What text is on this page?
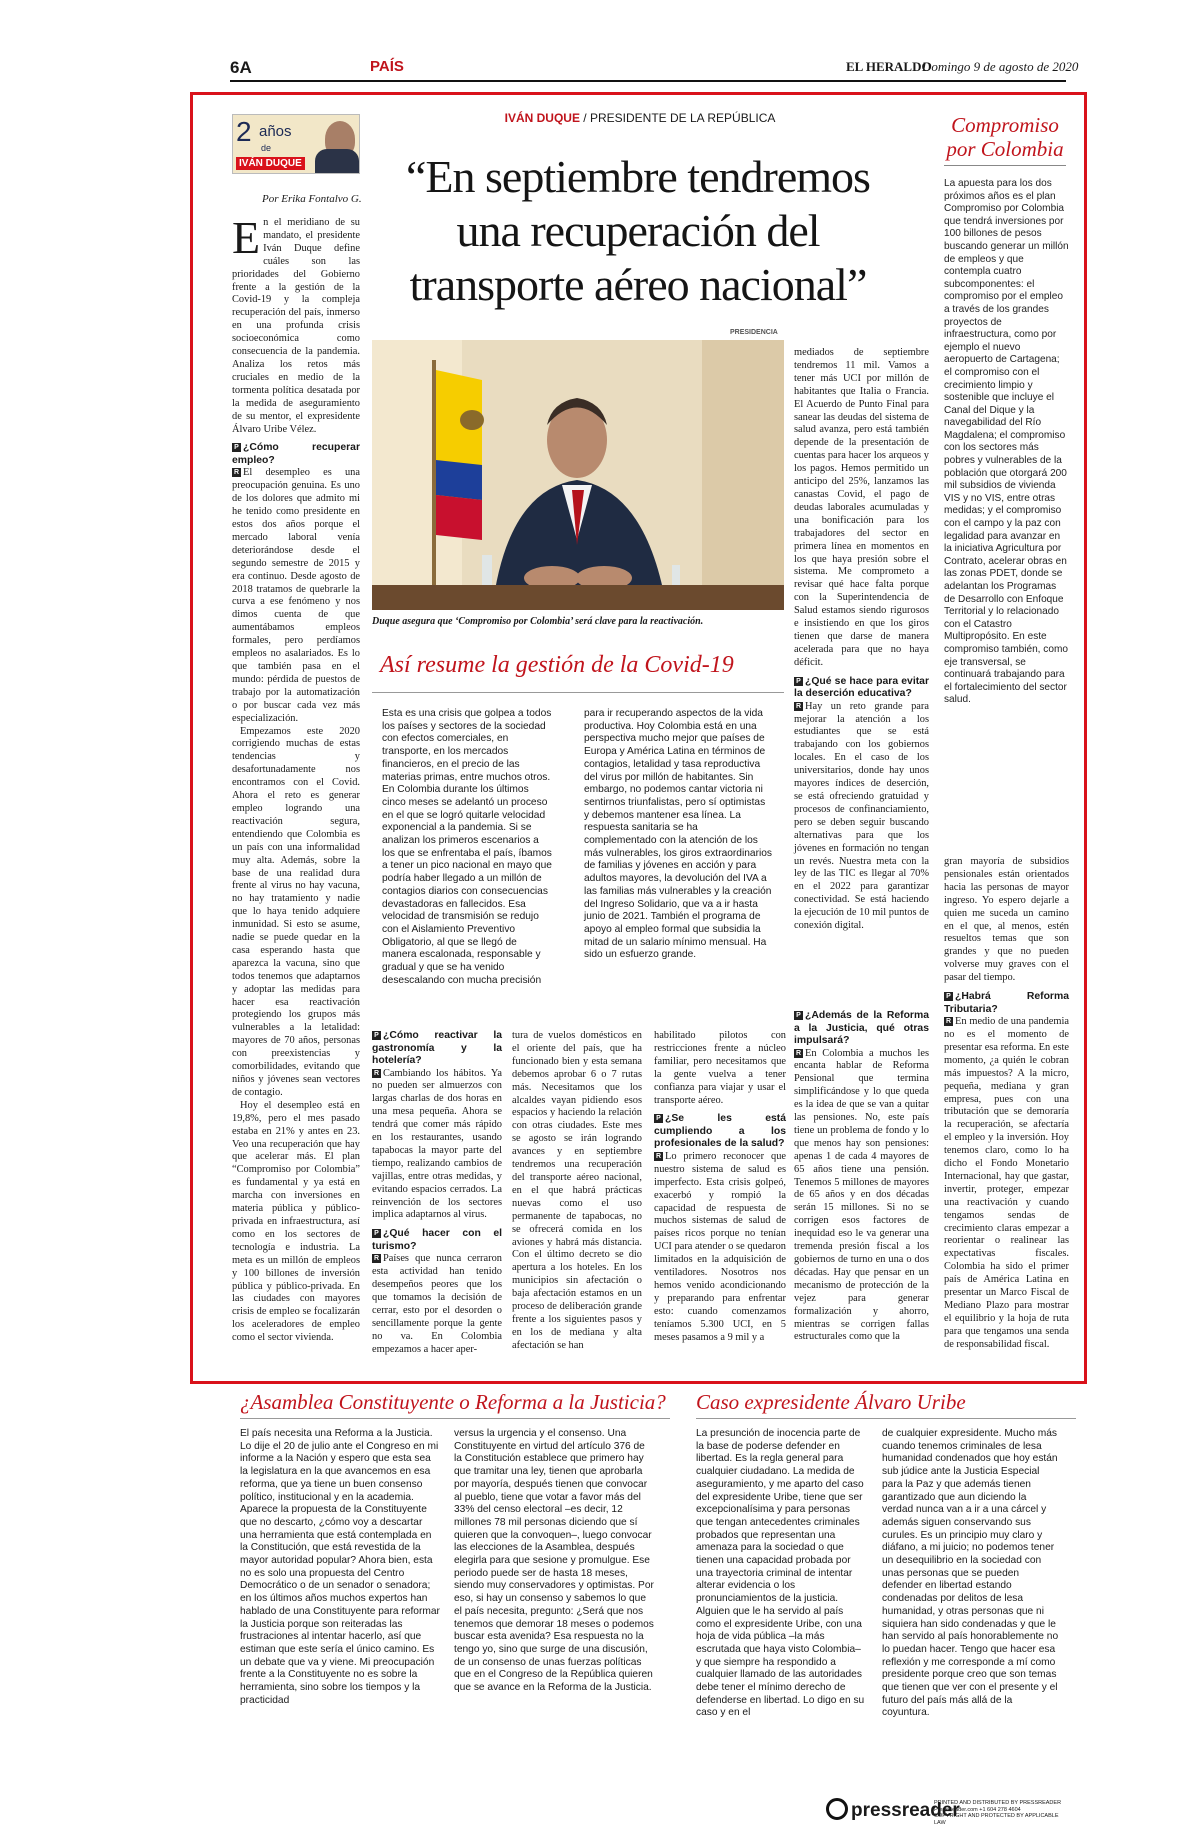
6A	PAÍS	EL HERALDO
Domingo 9 de agosto de 2020
2 años
de
IVÁN DUQUE
Por Erika Fontalvo G.
IVÁN DUQUE / PRESIDENTE DE LA REPÚBLICA
“En septiembre tendremos una recuperación del transporte aéreo nacional”
Compromiso por Colombia
La apuesta para los dos próximos años es el plan Compromiso por Colombia que tendrá inversiones por 100 billones de pesos buscando generar un millón de empleos y que contempla cuatro subcomponentes: el compromiso por el empleo a través de los grandes proyectos de infraestructura, como por ejemplo el nuevo aeropuerto de Cartagena; el compromiso con el crecimiento limpio y sostenible que incluye el Canal del Dique y la navegabilidad del Río Magdalena; el compromiso con los sectores más pobres y vulnerables de la población que otorgará 200 mil subsidios de vivienda VIS y no VIS, entre otras medidas; y el compromiso con el campo y la paz con legalidad para avanzar en la iniciativa Agricultura por Contrato, acelerar obras en las zonas PDET, donde se adelantan los Programas de Desarrollo con Enfoque Territorial y lo relacionado con el Catastro Multipropósito. En este compromiso también, como eje transversal, se continuará trabajando para el fortalecimiento del sector salud.
E n el meridiano de su mandato, el presidente Iván Duque define cuáles son las prioridades del Gobierno frente a la gestión de la Covid-19 y la compleja recuperación del país, inmerso en una profunda crisis socioeconómica como consecuencia de la pandemia. Analiza los retos más cruciales en medio de la tormenta política desatada por la medida de aseguramiento de su mentor, el expresidente Álvaro Uribe Vélez.
P ¿Cómo recuperar empleo?

R El desempleo es una preocupación genuina. Es uno de los dolores que admito mi he tenido como presidente en estos dos años porque el mercado laboral venía deteriorándose desde el segundo semestre de 2015 y era continuo. Desde agosto de 2018 tratamos de quebrarle la curva a ese fenómeno y nos dimos cuenta de que aumentábamos empleos formales, pero perdíamos empleos no asalariados. Es lo que también pasa en el mundo: pérdida de puestos de trabajo por la automatización o por buscar cada vez más especialización.

Empezamos este 2020 corrigiendo muchas de estas tendencias y desafortunadamente nos encontramos con el Covid. Ahora el reto es generar empleo logrando una reactivación segura, entendiendo que Colombia es un país con una informalidad muy alta. Además, sobre la base de una realidad dura frente al virus no hay vacuna, no hay tratamiento y nadie que lo haya tenido adquiere inmunidad. Si esto se asume, nadie se puede quedar en la casa esperando hasta que aparezca la vacuna, sino que todos tenemos que adaptarnos y adoptar las medidas para hacer esa reactivación protegiendo los grupos más vulnerables a la letalidad: mayores de 70 años, personas con preexistencias y comorbilidades, evitando que niños y jóvenes sean vectores de contagio.

Hoy el desempleo está en 19,8%, pero el mes pasado estaba en 21% y antes en 23. Veo una recuperación que hay que acelerar más. El plan “Compromiso por Colombia” es fundamental y ya está en marcha con inversiones en materia pública y público-privada en infraestructura, así como en los sectores de tecnología e industria. La meta es un millón de empleos y 100 billones de inversión pública y público-privada. En las ciudades con mayores crisis de empleo se focalizarán los aceleradores de empleo como el sector vivienda.

PRESIDENCIA
Duque asegura que ‘Compromiso por Colombia’ será clave para la reactivación.

mediados de septiembre tendremos 11 mil. Vamos a tener más UCI por millón de habitantes que Italia o Francia. El Acuerdo de Punto Final para sanear las deudas del sistema de salud avanza, pero está también depende de la presentación de cuentas para hacer los arqueos y los pagos. Hemos permitido un anticipo del 25%, lanzamos las canastas Covid, el pago de deudas laborales acumuladas y una bonificación para los trabajadores del sector en primera línea en momentos en los que haya presión sobre el sistema. Me comprometo a revisar qué hace falta porque con la Superintendencia de Salud estamos siendo rigurosos e insistiendo en que los giros tienen que darse de manera acelerada para que no haya déficit.

P ¿Qué se hace para evitar la deserción educativa?

R Hay un reto grande para mejorar la atención a los estudiantes que se está trabajando con los gobiernos locales. En el caso de los universitarios, donde hay unos mayores índices de deserción, se está ofreciendo gratuidad y procesos de confinanciamiento, pero se deben seguir buscando alternativas para que los jóvenes en formación no tengan un revés. Nuestra meta con la ley de las TIC es llegar al 70% en el 2022 para garantizar conectividad. Se está haciendo la ejecución de 10 mil puntos de conexión digital.

gran mayoría de subsidios pensionales están orientados hacia las personas de mayor ingreso. Yo espero dejarle a quien me suceda un camino en el que, al menos, estén resueltos temas que son grandes y que no pueden volverse muy graves con el pasar del tiempo.

P ¿Habrá Reforma Tributaria?

R En medio de una pandemia no es el momento de presentar esa reforma. En este momento, ¿a quién le cobran más impuestos? A la micro, pequeña, mediana y gran empresa, pues con una tributación que se demoraría la recuperación, se afectaría el empleo y la inversión. Hoy tenemos claro, como lo ha dicho el Fondo Monetario Internacional, hay que gastar, invertir, proteger, empezar una reactivación y cuando tengamos sendas de crecimiento claras empezar a reorientar o realinear las expectativas fiscales. Colombia ha sido el primer país de América Latina en presentar un Marco Fiscal de Mediano Plazo para mostrar el equilibrio y la hoja de ruta para que tengamos una senda de responsabilidad fiscal.

Así resume la gestión de la Covid-19
Esta es una crisis que golpea a todos los países y sectores de la sociedad con efectos comerciales, en transporte, en los mercados financieros, en el precio de las materias primas, entre muchos otros. En Colombia durante los últimos cinco meses se adelantó un proceso en el que se logró quitarle velocidad exponencial a la pandemia. Si se analizan los primeros escenarios a los que se enfrentaba el país, íbamos a tener un pico nacional en mayo que podría haber llegado a un millón de contagios diarios con consecuencias devastadoras en fallecidos. Esa velocidad de transmisión se redujo con el Aislamiento Preventivo Obligatorio, al que se llegó de manera escalonada, responsable y gradual y que se ha venido desescalando con mucha precisión
para ir recuperando aspectos de la vida productiva. Hoy Colombia está en una perspectiva mucho mejor que países de Europa y América Latina en términos de contagios, letalidad y tasa reproductiva del virus por millón de habitantes. Sin embargo, no podemos cantar victoria ni sentirnos triunfalistas, pero sí optimistas y debemos mantener esa línea. La respuesta sanitaria se ha complementado con la atención de los más vulnerables, los giros extraordinarios de familias y jóvenes en acción y para adultos mayores, la devolución del IVA a las familias más vulnerables y la creación del Ingreso Solidario, que va a ir hasta junio de 2021. También el programa de apoyo al empleo formal que subsidia la mitad de un salario mínimo mensual. Ha sido un esfuerzo grande.
P ¿Cómo reactivar la gastronomía y la hotelería?

R Cambiando los hábitos. Ya no pueden ser almuerzos con largas charlas de dos horas en una mesa pequeña. Ahora se tendrá que comer más rápido en los restaurantes, usando tapabocas la mayor parte del tiempo, realizando cambios de vajillas, entre otras medidas, y evitando espacios cerrados. La reinvención de los sectores implica adaptarnos al virus.

P ¿Qué hacer con el turismo?

R Países que nunca cerraron esta actividad han tenido desempeños peores que los que tomamos la decisión de cerrar, esto por el desorden o sencillamente porque la gente no va. En Colombia empezamos a hacer aper-

tura de vuelos domésticos en el oriente del país, que ha funcionado bien y esta semana debemos aprobar 6 o 7 rutas más. Necesitamos que los alcaldes vayan pidiendo esos espacios y haciendo la relación con otras ciudades. Este mes se agosto se irán logrando avances y en septiembre tendremos una recuperación del transporte aéreo nacional, en el que habrá prácticas nuevas como el uso permanente de tapabocas, no se ofrecerá comida en los aviones y habrá más distancia. Con el último decreto se dio apertura a los hoteles. En los municipios sin afectación o baja afectación estamos en un proceso de deliberación grande frente a los siguientes pasos y en los de mediana y alta afectación se han

habilitado pilotos con restricciones frente a núcleo familiar, pero necesitamos que la gente vuelva a tener confianza para viajar y usar el transporte aéreo.

P ¿Se les está cumpliendo a los profesionales de la salud?

R Lo primero reconocer que nuestro sistema de salud es imperfecto. Esta crisis golpeó, exacerbó y rompió la capacidad de respuesta de muchos sistemas de salud de países ricos porque no tenían UCI para atender o se quedaron limitados en la adquisición de ventiladores. Nosotros nos hemos venido acondicionando y preparando para enfrentar esto: cuando comenzamos teníamos 5.300 UCI, en 5 meses pasamos a 9 mil y a

P ¿Además de la Reforma a la Justicia, qué otras impulsará?

R En Colombia a muchos les encanta hablar de Reforma Pensional que termina simplificándose y lo que queda es la idea de que se van a quitar las pensiones. No, este país tiene un problema de fondo y lo que menos hay son pensiones: apenas 1 de cada 4 mayores de 65 años tiene una pensión. Tenemos 5 millones de mayores de 65 años y en dos décadas serán 15 millones. Si no se corrigen esos factores de inequidad eso le va generar una tremenda presión fiscal a los gobiernos de turno en una o dos décadas. Hay que pensar en un mecanismo de protección de la vejez para generar formalización y ahorro, mientras se corrigen fallas estructurales como que la

¿Asamblea Constituyente o Reforma a la Justicia?
El país necesita una Reforma a la Justicia. Lo dije el 20 de julio ante el Congreso en mi informe a la Nación y espero que esta sea la legislatura en la que avancemos en esa reforma, que ya tiene un buen consenso político, institucional y en la academia. Aparece la propuesta de la Constituyente que no descarto, ¿cómo voy a descartar una herramienta que está contemplada en la Constitución, que está revestida de la mayor autoridad popular? Ahora bien, esta no es solo una propuesta del Centro Democrático o de un senador o senadora; en los últimos años muchos expertos han hablado de una Constituyente para reformar la Justicia porque son reiteradas las frustraciones al intentar hacerlo, así que estiman que este sería el único camino. Es un debate que va y viene. Mi preocupación frente a la Constituyente no es sobre la herramienta, sino sobre los tiempos y la practicidad
versus la urgencia y el consenso. Una Constituyente en virtud del artículo 376 de la Constitución establece que primero hay que tramitar una ley, tienen que aprobarla por mayoría, después tienen que convocar al pueblo, tiene que votar a favor más del 33% del censo electoral –es decir, 12 millones 78 mil personas diciendo que sí quieren que la convoquen–, luego convocar las elecciones de la Asamblea, después elegirla para que sesione y promulgue. Ese periodo puede ser de hasta 18 meses, siendo muy conservadores y optimistas. Por eso, si hay un consenso y sabemos lo que el país necesita, pregunto: ¿Será que nos tenemos que demorar 18 meses o podemos buscar esta avenida? Esa respuesta no la tengo yo, sino que surge de una discusión, de un consenso de unas fuerzas políticas que en el Congreso de la República quieren que se avance en la Reforma de la Justicia.
Caso expresidente Álvaro Uribe
La presunción de inocencia parte de la base de poderse defender en libertad. Es la regla general para cualquier ciudadano. La medida de aseguramiento, y me aparto del caso del expresidente Uribe, tiene que ser excepcionalísima y para personas que tengan antecedentes criminales probados que representan una amenaza para la sociedad o que tienen una capacidad probada por una trayectoria criminal de intentar alterar evidencia o los pronunciamientos de la justicia. Alguien que le ha servido al país como el expresidente Uribe, con una hoja de vida pública –la más escrutada que haya visto Colombia– y que siempre ha respondido a cualquier llamado de las autoridades debe tener el mínimo derecho de defenderse en libertad. Lo digo en su caso y en el
de cualquier expresidente. Mucho más cuando tenemos criminales de lesa humanidad condenados que hoy están sub júdice ante la Justicia Especial para la Paz y que además tienen garantizado que aun diciendo la verdad nunca van a ir a una cárcel y además siguen conservando sus curules. Es un principio muy claro y diáfano, a mi juicio; no podemos tener un desequilibrio en la sociedad con unas personas que se pueden defender en libertad estando condenadas por delitos de lesa humanidad, y otras personas que ni siquiera han sido condenadas y que le han servido al país honorablemente no lo puedan hacer. Tengo que hacer esa reflexión y me corresponde a mí como presidente porque creo que son temas que tienen que ver con el presente y el futuro del país más allá de la coyuntura.
pressreader
PRINTED AND DISTRIBUTED BY PRESSREADER
PressReader.com +1 604 278 4604
COPYRIGHT AND PROTECTED BY APPLICABLE LAW
